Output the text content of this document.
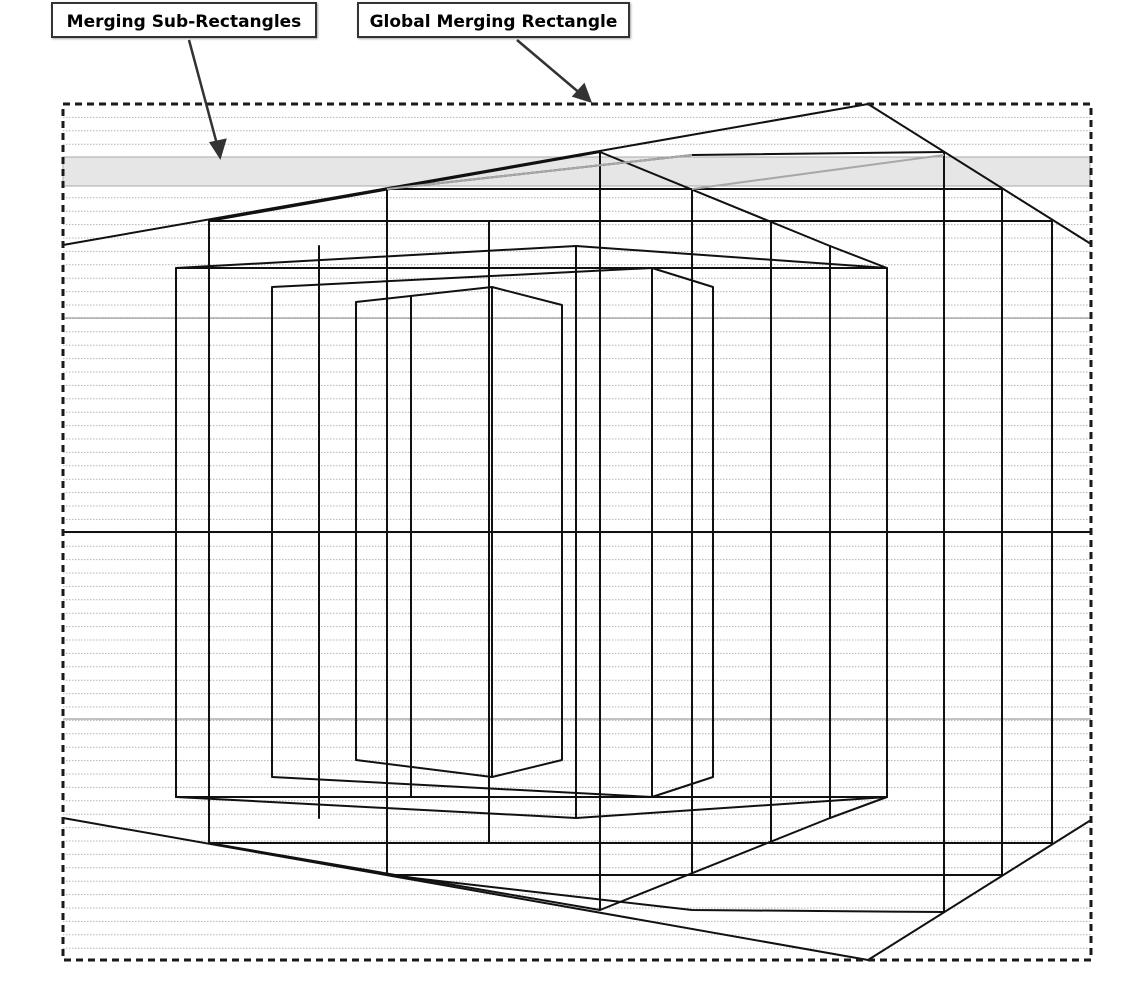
Merging Sub-Rectangles	Global Merging Rectangle
